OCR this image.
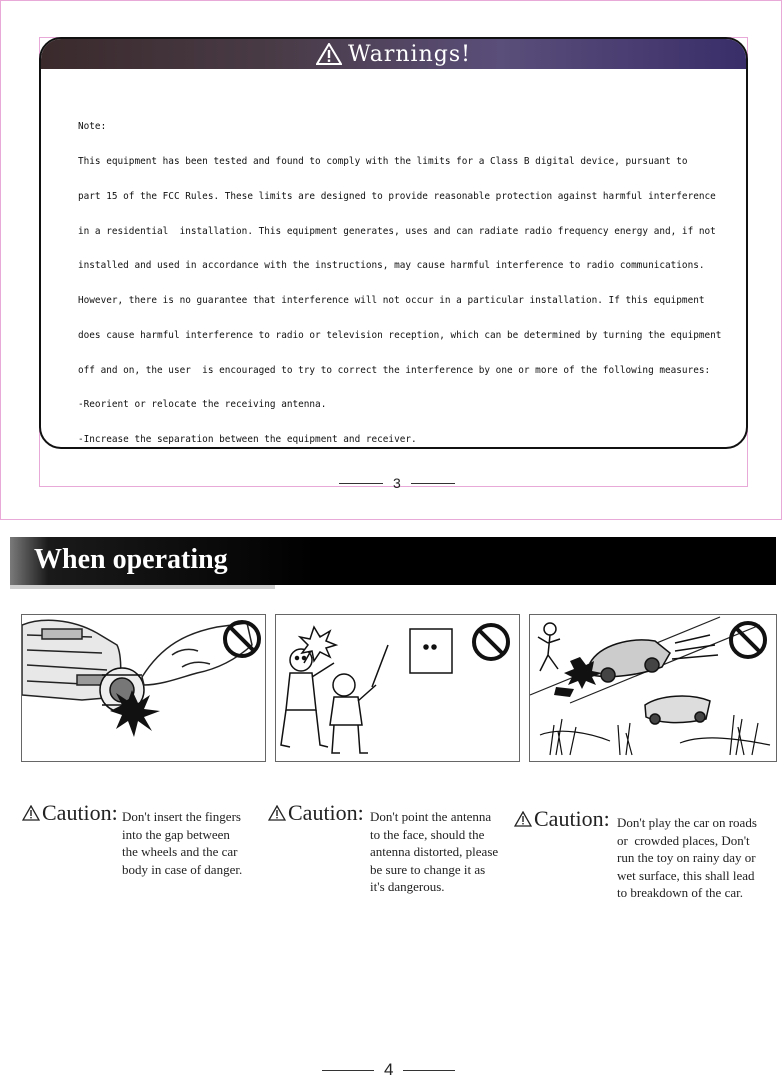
Warnings!

Note:

This equipment has been tested and found to comply with the limits for a Class B digital device, pursuant to

part 15 of the FCC Rules. These limits are designed to provide reasonable protection against harmful interference

in a residential  installation. This equipment generates, uses and can radiate radio frequency energy and, if not

installed and used in accordance with the instructions, may cause harmful interference to radio communications.

However, there is no guarantee that interference will not occur in a particular installation. If this equipment

does cause harmful interference to radio or television reception, which can be determined by turning the equipment

off and on, the user  is encouraged to try to correct the interference by one or more of the following measures:

-Reorient or relocate the receiving antenna.

-Increase the separation between the equipment and receiver.

3
When operating
Caution: Don't insert the fingers
into the gap between
the wheels and the car
body in case of danger.
Caution: Don't point the antenna
to the face, should the
antenna distorted, please
be sure to change it as
it's dangerous.
Caution: Don't play the car on roads
or  crowded places, Don't
run the toy on rainy day or
wet surface, this shall lead
to breakdown of the car.
4
